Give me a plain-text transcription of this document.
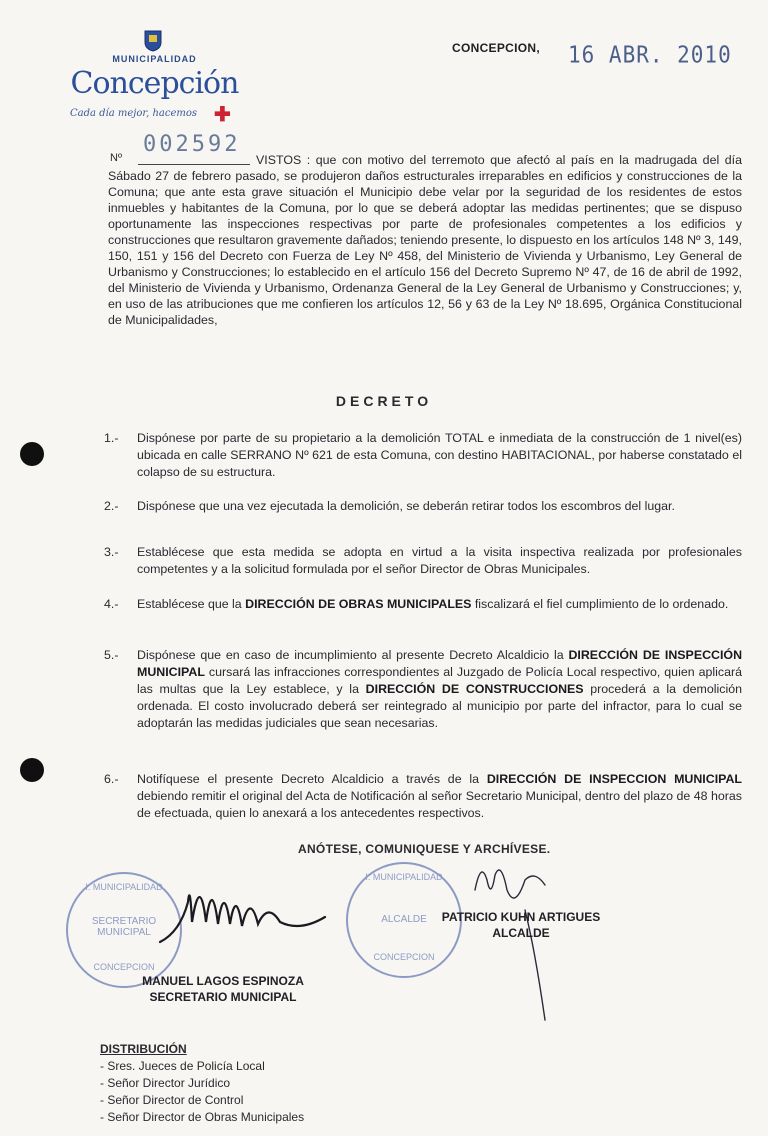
MUNICIPALIDAD
Concepción
Cada día mejor, hacemos ✚
CONCEPCION, 16 ABR. 2010
Nº
002592
VISTOS : que con motivo del terremoto que afectó al país en la madrugada del día Sábado 27 de febrero pasado, se produjeron daños estructurales irreparables en edificios y construcciones de la Comuna; que ante esta grave situación el Municipio debe velar por la seguridad de los residentes de estos inmuebles y habitantes de la Comuna, por lo que se deberá adoptar las medidas pertinentes; que se dispuso oportunamente las inspecciones respectivas por parte de profesionales competentes a los edificios y construcciones que resultaron gravemente dañados; teniendo presente, lo dispuesto en los artículos 148 Nº 3, 149, 150, 151 y 156 del Decreto con Fuerza de Ley Nº 458, del Ministerio de Vivienda y Urbanismo, Ley General de Urbanismo y Construcciones; lo establecido en el artículo 156 del Decreto Supremo Nº 47, de 16 de abril de 1992, del Ministerio de Vivienda y Urbanismo, Ordenanza General de la Ley General de Urbanismo y Construcciones; y, en uso de las atribuciones que me confieren los artículos 12, 56 y 63 de la Ley Nº 18.695, Orgánica Constitucional de Municipalidades,
DECRETO
1.-	Dispónese por parte de su propietario a la demolición TOTAL e inmediata de la construcción de 1 nivel(es) ubicada en calle SERRANO Nº 621 de esta Comuna, con destino HABITACIONAL, por haberse constatado el colapso de su estructura.
2.-	Dispónese que una vez ejecutada la demolición, se deberán retirar todos los escombros del lugar.
3.-	Establécese que esta medida se adopta en virtud a la visita inspectiva realizada por profesionales competentes y a la solicitud formulada por el señor Director de Obras Municipales.
4.-	Establécese que la DIRECCIÓN DE OBRAS MUNICIPALES fiscalizará el fiel cumplimiento de lo ordenado.
5.-	Dispónese que en caso de incumplimiento al presente Decreto Alcaldicio la DIRECCIÓN DE INSPECCIÓN MUNICIPAL cursará las infracciones correspondientes al Juzgado de Policía Local respectivo, quien aplicará las multas que la Ley establece, y la DIRECCIÓN DE CONSTRUCCIONES procederá a la demolición ordenada. El costo involucrado deberá ser reintegrado al municipio por parte del infractor, para lo cual se adoptarán las medidas judiciales que sean necesarias.
6.-	Notifíquese el presente Decreto Alcaldicio a través de la DIRECCIÓN DE INSPECCION MUNICIPAL debiendo remitir el original del Acta de Notificación al señor Secretario Municipal, dentro del plazo de 48 horas de efectuada, quien lo anexará a los antecedentes respectivos.
ANÓTESE, COMUNIQUESE Y ARCHÍVESE.
I. MUNICIPALIDAD
SECRETARIO MUNICIPAL
CONCEPCION
I. MUNICIPALIDAD
ALCALDE
CONCEPCION
MANUEL LAGOS ESPINOZA
SECRETARIO MUNICIPAL
PATRICIO KUHN ARTIGUES
ALCALDE
DISTRIBUCIÓN
- Sres. Jueces de Policía Local
- Señor Director Jurídico
- Señor Director de Control
- Señor Director de Obras Municipales
